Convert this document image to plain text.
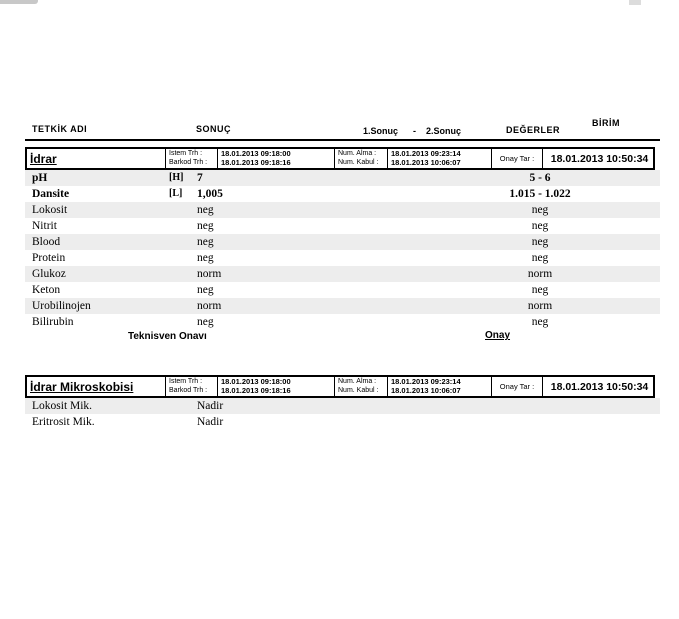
TETKİK ADI	SONUÇ	1.Sonuç - 2.Sonuç	DEĞERLER
BİRİM
İdrar	İstem Trh :
Barkod Trh :
18.01.2013 09:18:00
18.01.2013 09:18:16
Num. Alma :
Num. Kabul :
18.01.2013 09:23:14
18.01.2013 10:06:07	Onay Tar : 18.01.2013 10:50:34
pH	[H] 7	5 - 6
Dansite	[L] 1,005	1.015 - 1.022
Lokosit	neg	neg
Nitrit	neg	neg
Blood	neg	neg
Protein	neg	neg
Glukoz	norm	norm
Keton	neg	neg
Urobilinojen	norm	norm
Bilirubin	neg	neg
Teknisven Onavı	Onay
İdrar Mikroskobisi	İstem Trh :
Barkod Trh :
18.01.2013 09:18:00
18.01.2013 09:18:16
Num. Alma :
Num. Kabul :
18.01.2013 09:23:14
18.01.2013 10:06:07	Onay Tar : 18.01.2013 10:50:34
Lokosit Mik.	Nadir
Eritrosit Mik.	Nadir
